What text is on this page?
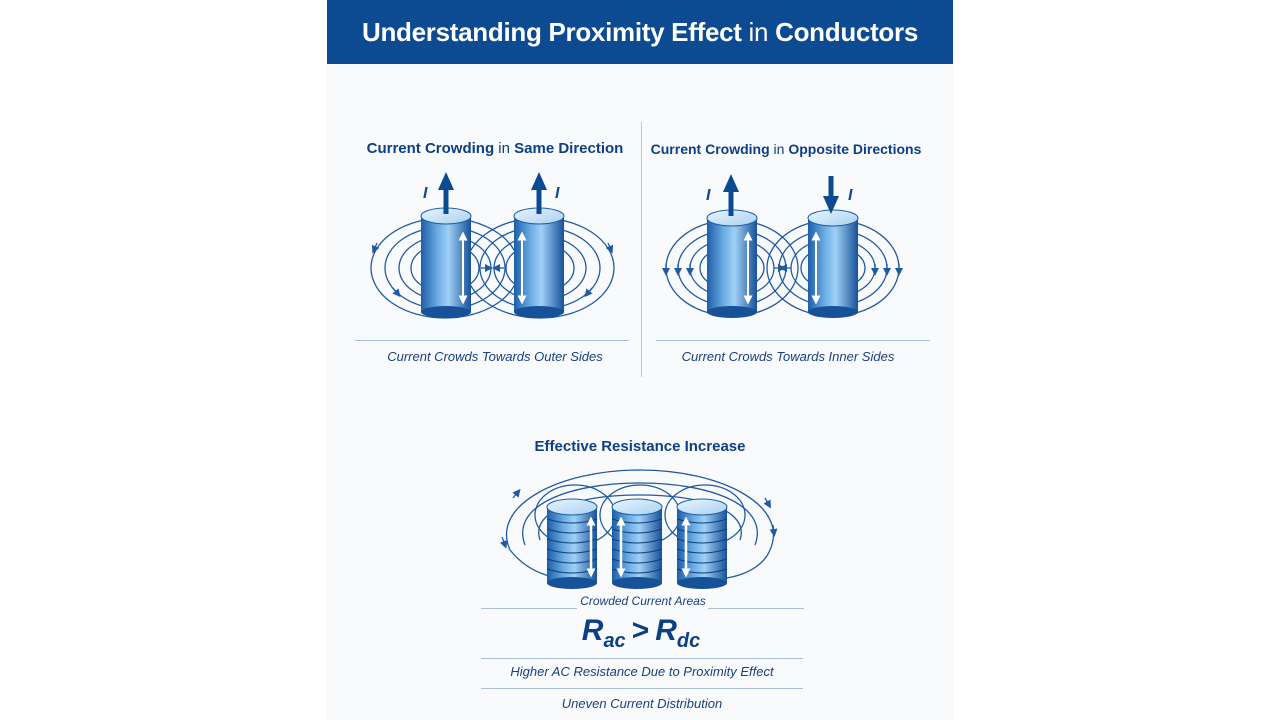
Understanding Proximity Effect in Conductors
Current Crowding in Same Direction
I	I
Current Crowds Towards Outer Sides
Current Crowding in Opposite Directions
I	I
Current Crowds Towards Inner Sides
Effective Resistance Increase
Crowded Current Areas
$R_{ac} > R_{dc}$
Higher AC Resistance Due to Proximity Effect
Uneven Current Distribution
